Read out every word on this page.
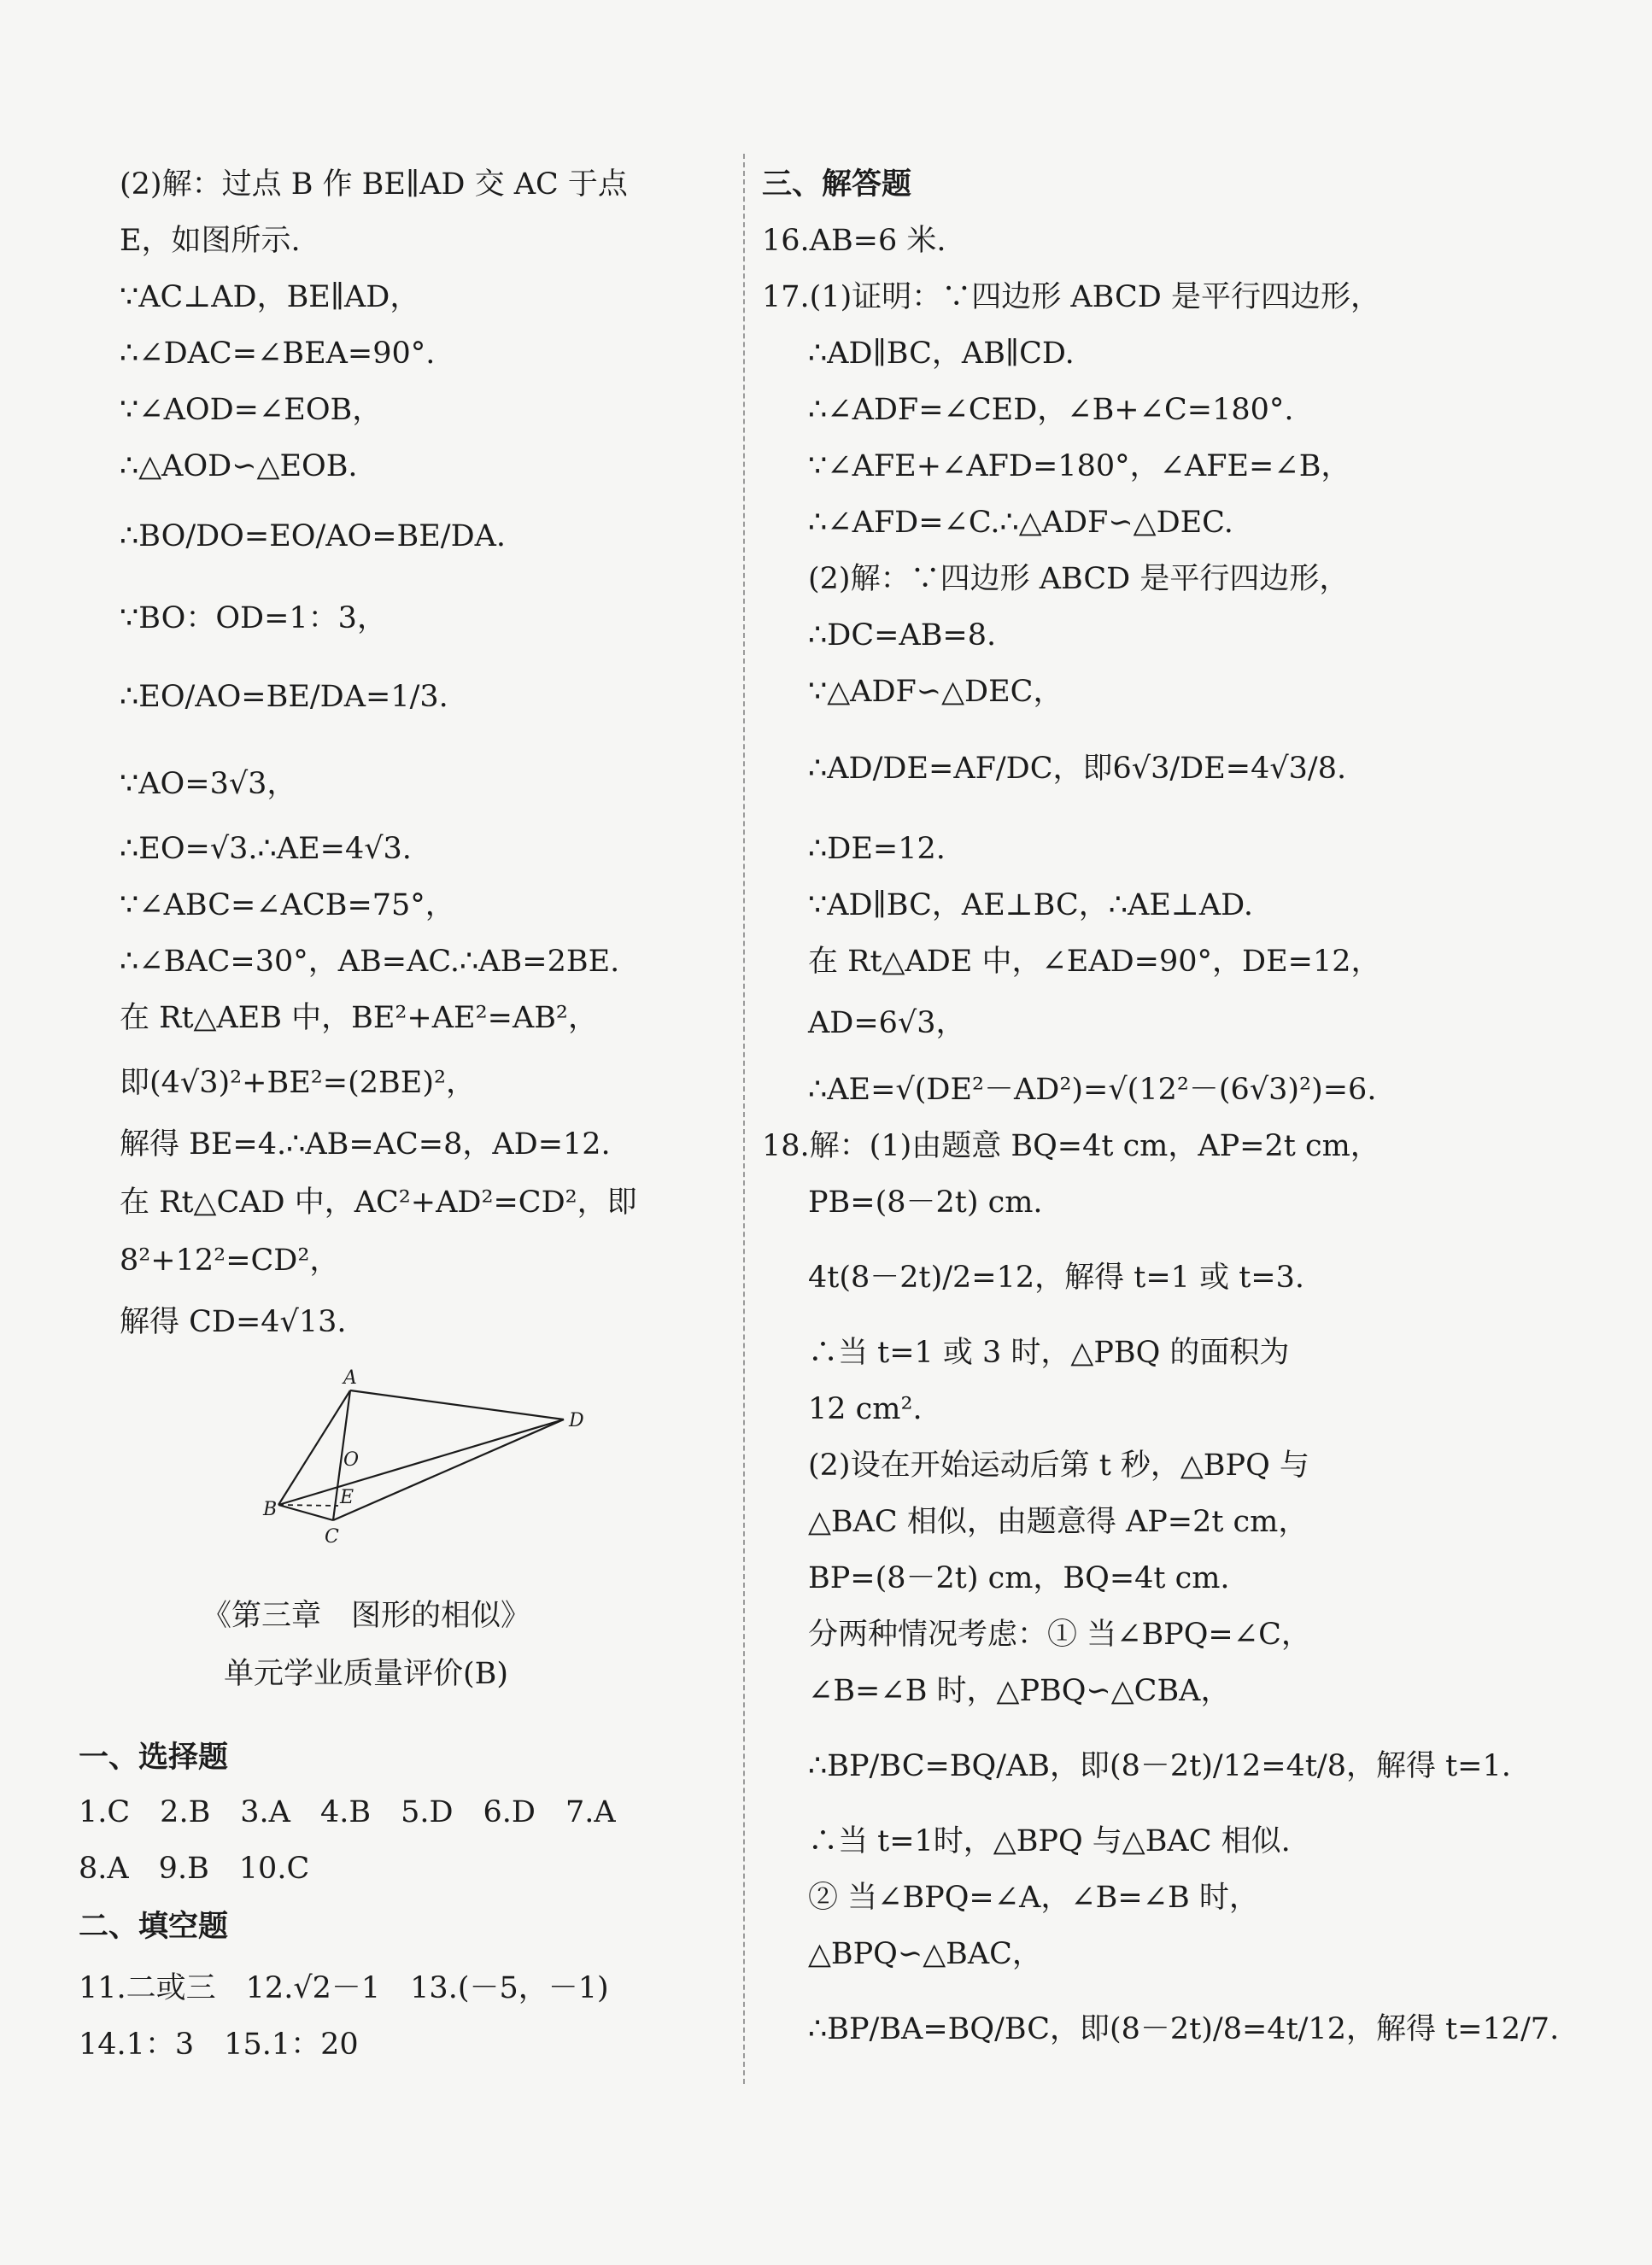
(2)解：过点 B 作 BE∥AD 交 AC 于点
E，如图所示.
∵AC⊥AD，BE∥AD，
∴∠DAC=∠BEA=90°.
∵∠AOD=∠EOB，
∴△AOD∽△EOB.
∴BO/DO=EO/AO=BE/DA.
∵BO：OD=1：3，
∴EO/AO=BE/DA=1/3.
∵AO=3√3，
∴EO=√3.∴AE=4√3.
∵∠ABC=∠ACB=75°，
∴∠BAC=30°，AB=AC.∴AB=2BE.
在 Rt△AEB 中，BE²+AE²=AB²，
即(4√3)²+BE²=(2BE)²，
解得 BE=4.∴AB=AC=8，AD=12.
在 Rt△CAD 中，AC²+AD²=CD²，即
8²+12²=CD²，
解得 CD=4√13.
A
B
C
D
E
O
《第三章　图形的相似》
单元学业质量评价(B)
一、选择题
1.C　2.B　3.A　4.B　5.D　6.D　7.A
8.A　9.B　10.C
二、填空题
11.二或三　12.√2－1　13.(－5，－1)
14.1：3　15.1：20
三、解答题
16.AB=6 米.
17.(1)证明：∵四边形 ABCD 是平行四边形，
∴AD∥BC，AB∥CD.
∴∠ADF=∠CED，∠B+∠C=180°.
∵∠AFE+∠AFD=180°，∠AFE=∠B，
∴∠AFD=∠C.∴△ADF∽△DEC.
(2)解：∵四边形 ABCD 是平行四边形，
∴DC=AB=8.
∵△ADF∽△DEC，
∴AD/DE=AF/DC，即6√3/DE=4√3/8.
∴DE=12.
∵AD∥BC，AE⊥BC，∴AE⊥AD.
在 Rt△ADE 中，∠EAD=90°，DE=12，
AD=6√3，
∴AE=√(DE²－AD²)=√(12²－(6√3)²)=6.
18.解：(1)由题意 BQ=4t cm，AP=2t cm，
PB=(8－2t) cm.
4t(8－2t)/2=12，解得 t=1 或 t=3.
∴当 t=1 或 3 时，△PBQ 的面积为
12 cm².
(2)设在开始运动后第 t 秒，△BPQ 与
△BAC 相似，由题意得 AP=2t cm，
BP=(8－2t) cm，BQ=4t cm.
分两种情况考虑：① 当∠BPQ=∠C，
∠B=∠B 时，△PBQ∽△CBA，
∴BP/BC=BQ/AB，即(8－2t)/12=4t/8，解得 t=1.
∴当 t=1时，△BPQ 与△BAC 相似.
② 当∠BPQ=∠A，∠B=∠B 时，
△BPQ∽△BAC，
∴BP/BA=BQ/BC，即(8－2t)/8=4t/12，解得 t=12/7.
